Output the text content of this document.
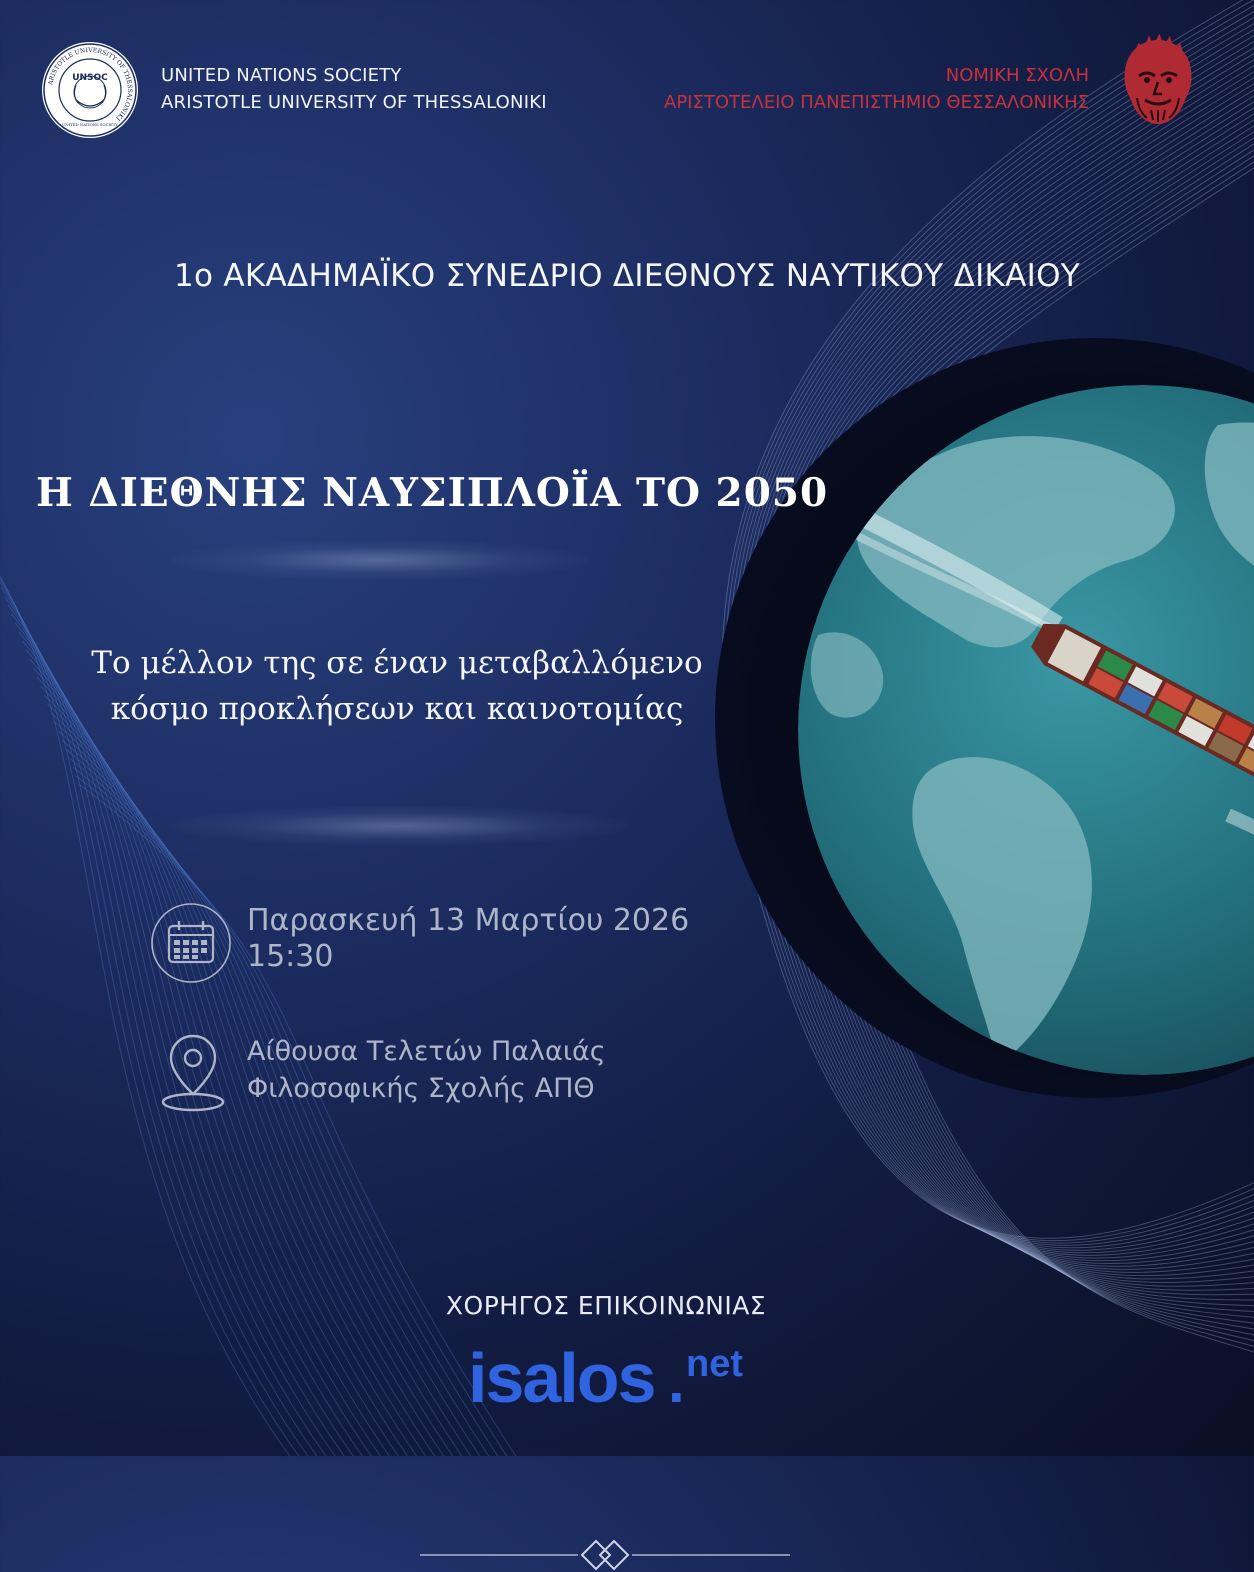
ARISTOTLE UNIVERSITY OF THESSALONIKI
UNSOC
UNITED NATIONS SOCIETY
UNITED NATIONS SOCIETY
ARISTOTLE UNIVERSITY OF THESSALONIKI
ΝΟΜΙΚΗ ΣΧΟΛΗ
ΑΡΙΣΤΟΤΕΛΕΙΟ ΠΑΝΕΠΙΣΤΗΜΙΟ ΘΕΣΣΑΛΟΝΙΚΗΣ
1ο ΑΚΑΔΗΜΑΪΚΟ ΣΥΝΕΔΡΙΟ ΔΙΕΘΝΟΥΣ ΝΑΥΤΙΚΟΥ ΔΙΚΑΙΟΥ
Η ΔΙΕΘΝΗΣ ΝΑΥΣΙΠΛΟΪΑ ΤΟ 2050
Το μέλλον της σε έναν μεταβαλλόμενο
κόσμο προκλήσεων και καινοτομίας
Παρασκευή 13 Μαρτίου 2026
15:30
Αίθουσα Τελετών Παλαιάς
Φιλοσοφικής Σχολής ΑΠΘ
ΧΟΡΗΓΟΣ ΕΠΙΚΟΙΝΩΝΙΑΣ
isalos . net
